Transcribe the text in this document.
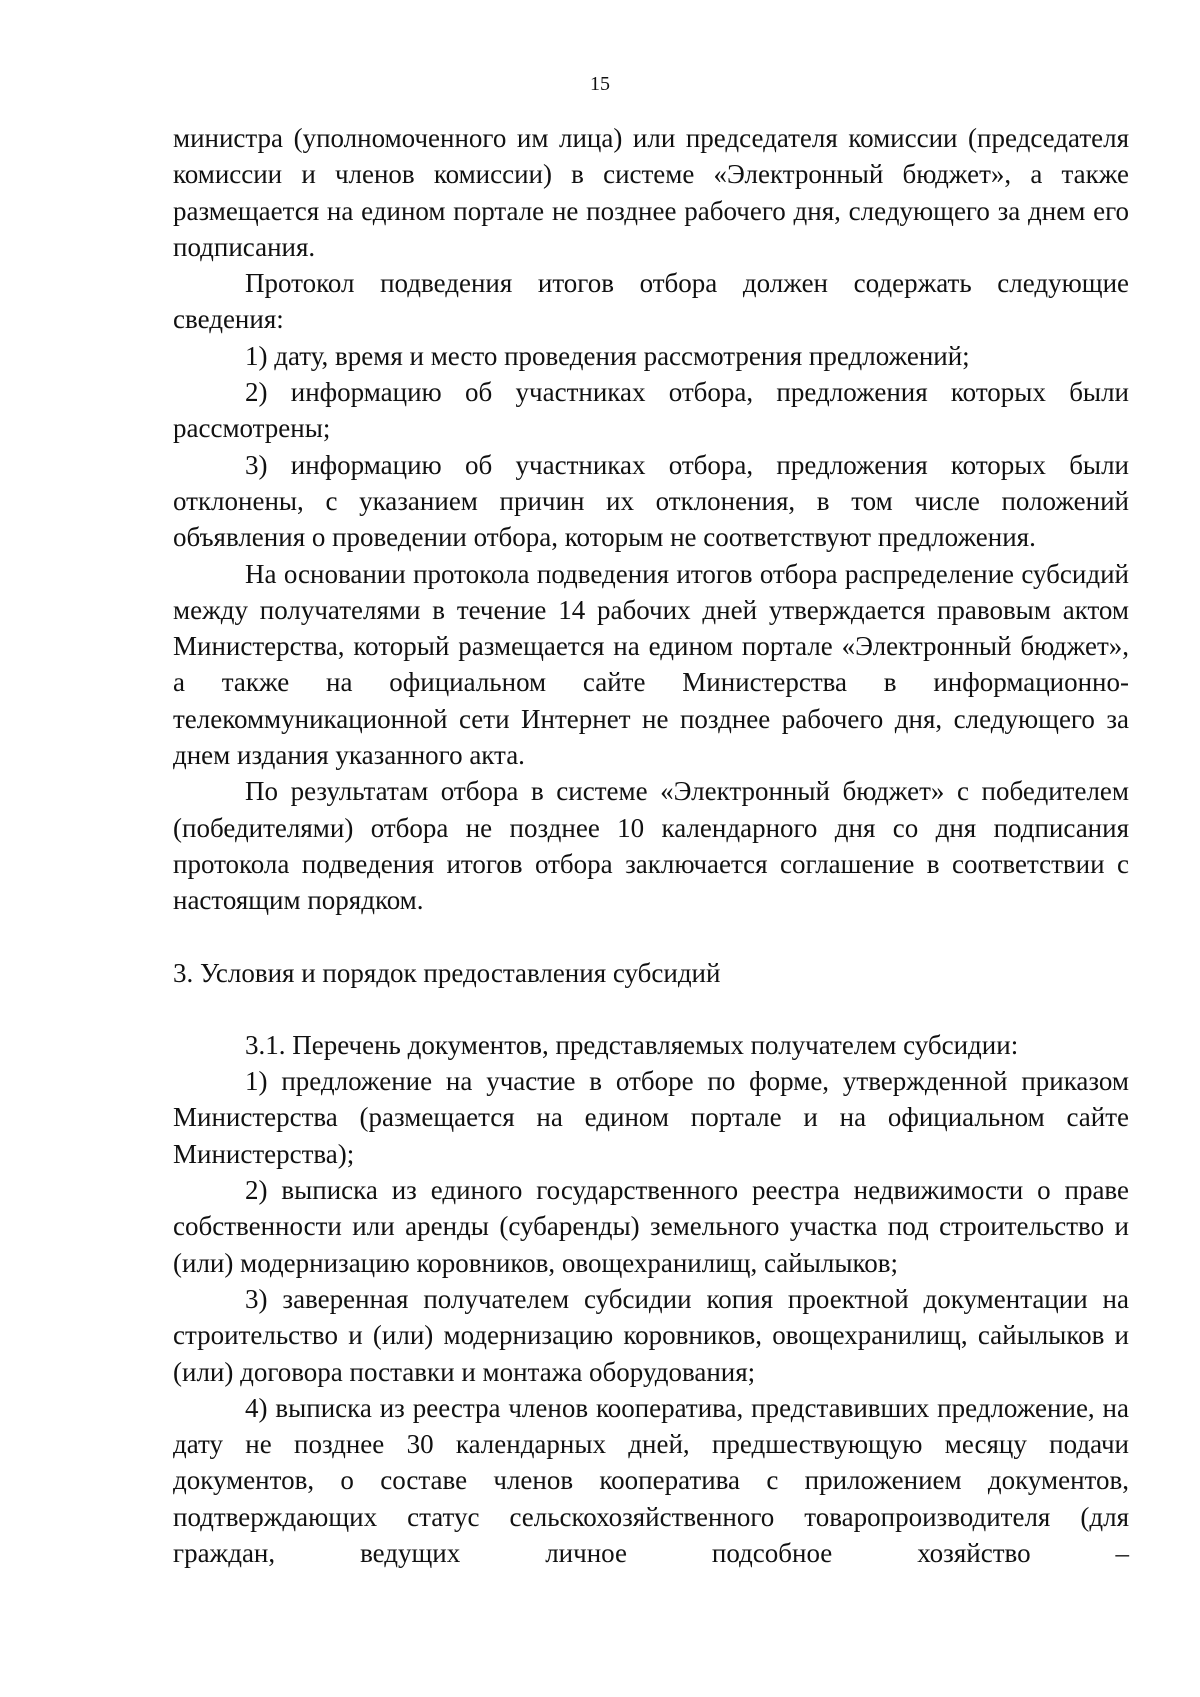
15

министра (уполномоченного им лица) или председателя комиссии (председателя комиссии и членов комиссии) в системе «Электронный бюджет», а также размещается на едином портале не позднее рабочего дня, следующего за днем его подписания.

Протокол подведения итогов отбора должен содержать следующие сведения:

1) дату, время и место проведения рассмотрения предложений;

2) информацию об участниках отбора, предложения которых были рассмотрены;

3) информацию об участниках отбора, предложения которых были отклонены, с указанием причин их отклонения, в том числе положений объявления о проведении отбора, которым не соответствуют предложения.

На основании протокола подведения итогов отбора распределение субсидий между получателями в течение 14 рабочих дней утверждается правовым актом Министерства, который размещается на едином портале «Электронный бюджет», а также на официальном сайте Министерства в информационно-телекоммуникационной сети Интернет не позднее рабочего дня, следующего за днем издания указанного акта.

По результатам отбора в системе «Электронный бюджет» с победителем (победителями) отбора не позднее 10 календарного дня со дня подписания протокола подведения итогов отбора заключается соглашение в соответствии с настоящим порядком.

3. Условия и порядок предоставления субсидий

3.1. Перечень документов, представляемых получателем субсидии:

1) предложение на участие в отборе по форме, утвержденной приказом Министерства (размещается на едином портале и на официальном сайте Министерства);

2) выписка из единого государственного реестра недвижимости о праве собственности или аренды (субаренды) земельного участка под строительство и (или) модернизацию коровников, овощехранилищ, сайылыков;

3) заверенная получателем субсидии копия проектной документации на строительство и (или) модернизацию коровников, овощехранилищ, сайылыков и (или) договора поставки и монтажа оборудования;

4) выписка из реестра членов кооператива, представивших предложение, на дату не позднее 30 календарных дней, предшествующую месяцу подачи документов, о составе членов кооператива с приложением документов, подтверждающих статус сельскохозяйственного товаропроизводителя (для граждан, ведущих личное подсобное хозяйство –
